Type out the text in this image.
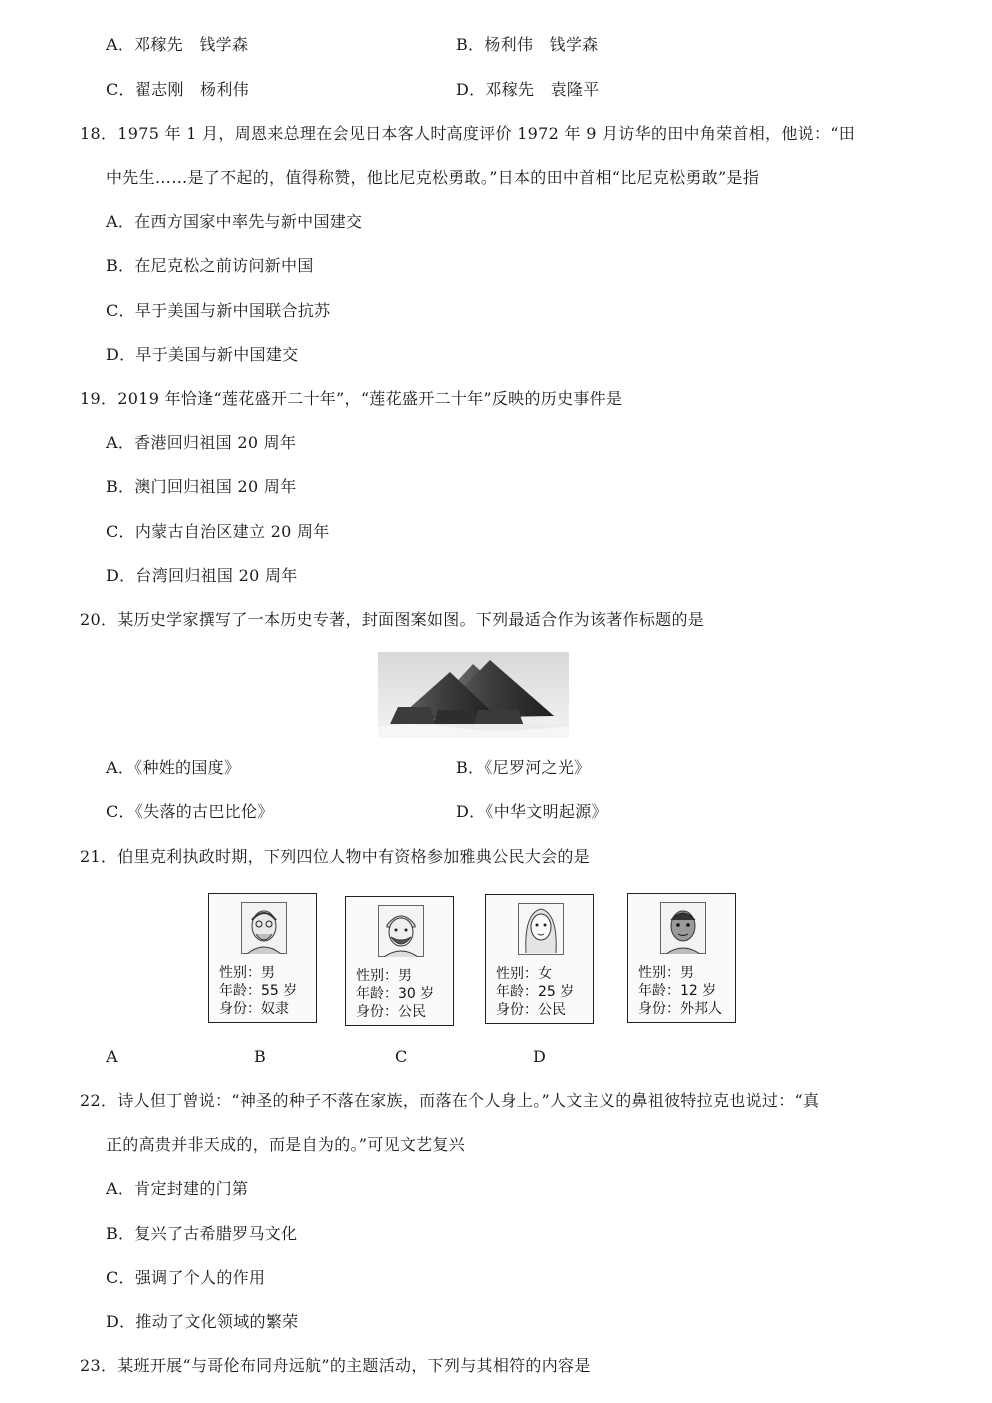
A．邓稼先　钱学森	B．杨利伟　钱学森
C．翟志刚　杨利伟	D．邓稼先　袁隆平
18．1975 年 1 月，周恩来总理在会见日本客人时高度评价 1972 年 9 月访华的田中角荣首相，他说：“田
中先生……是了不起的，值得称赞，他比尼克松勇敢。”日本的田中首相“比尼克松勇敢”是指
A．在西方国家中率先与新中国建交
B．在尼克松之前访问新中国
C．早于美国与新中国联合抗苏
D．早于美国与新中国建交
19．2019 年恰逢“莲花盛开二十年”，“莲花盛开二十年”反映的历史事件是
A．香港回归祖国 20 周年
B．澳门回归祖国 20 周年
C．内蒙古自治区建立 20 周年
D．台湾回归祖国 20 周年
20．某历史学家撰写了一本历史专著，封面图案如图。下列最适合作为该著作标题的是
A．《种姓的国度》	B．《尼罗河之光》
C．《失落的古巴比伦》	D．《中华文明起源》
21．伯里克利执政时期，下列四位人物中有资格参加雅典公民大会的是
性别：男
年龄：55 岁
身份：奴隶
性别：男
年龄：30 岁
身份：公民
性别：女
年龄：25 岁
身份：公民
性别：男
年龄：12 岁
身份：外邦人
A	B	C	D
22．诗人但丁曾说：“神圣的种子不落在家族，而落在个人身上。”人文主义的鼻祖彼特拉克也说过：“真
正的高贵并非天成的，而是自为的。”可见文艺复兴
A．肯定封建的门第
B．复兴了古希腊罗马文化
C．强调了个人的作用
D．推动了文化领域的繁荣
23．某班开展“与哥伦布同舟远航”的主题活动，下列与其相符的内容是
